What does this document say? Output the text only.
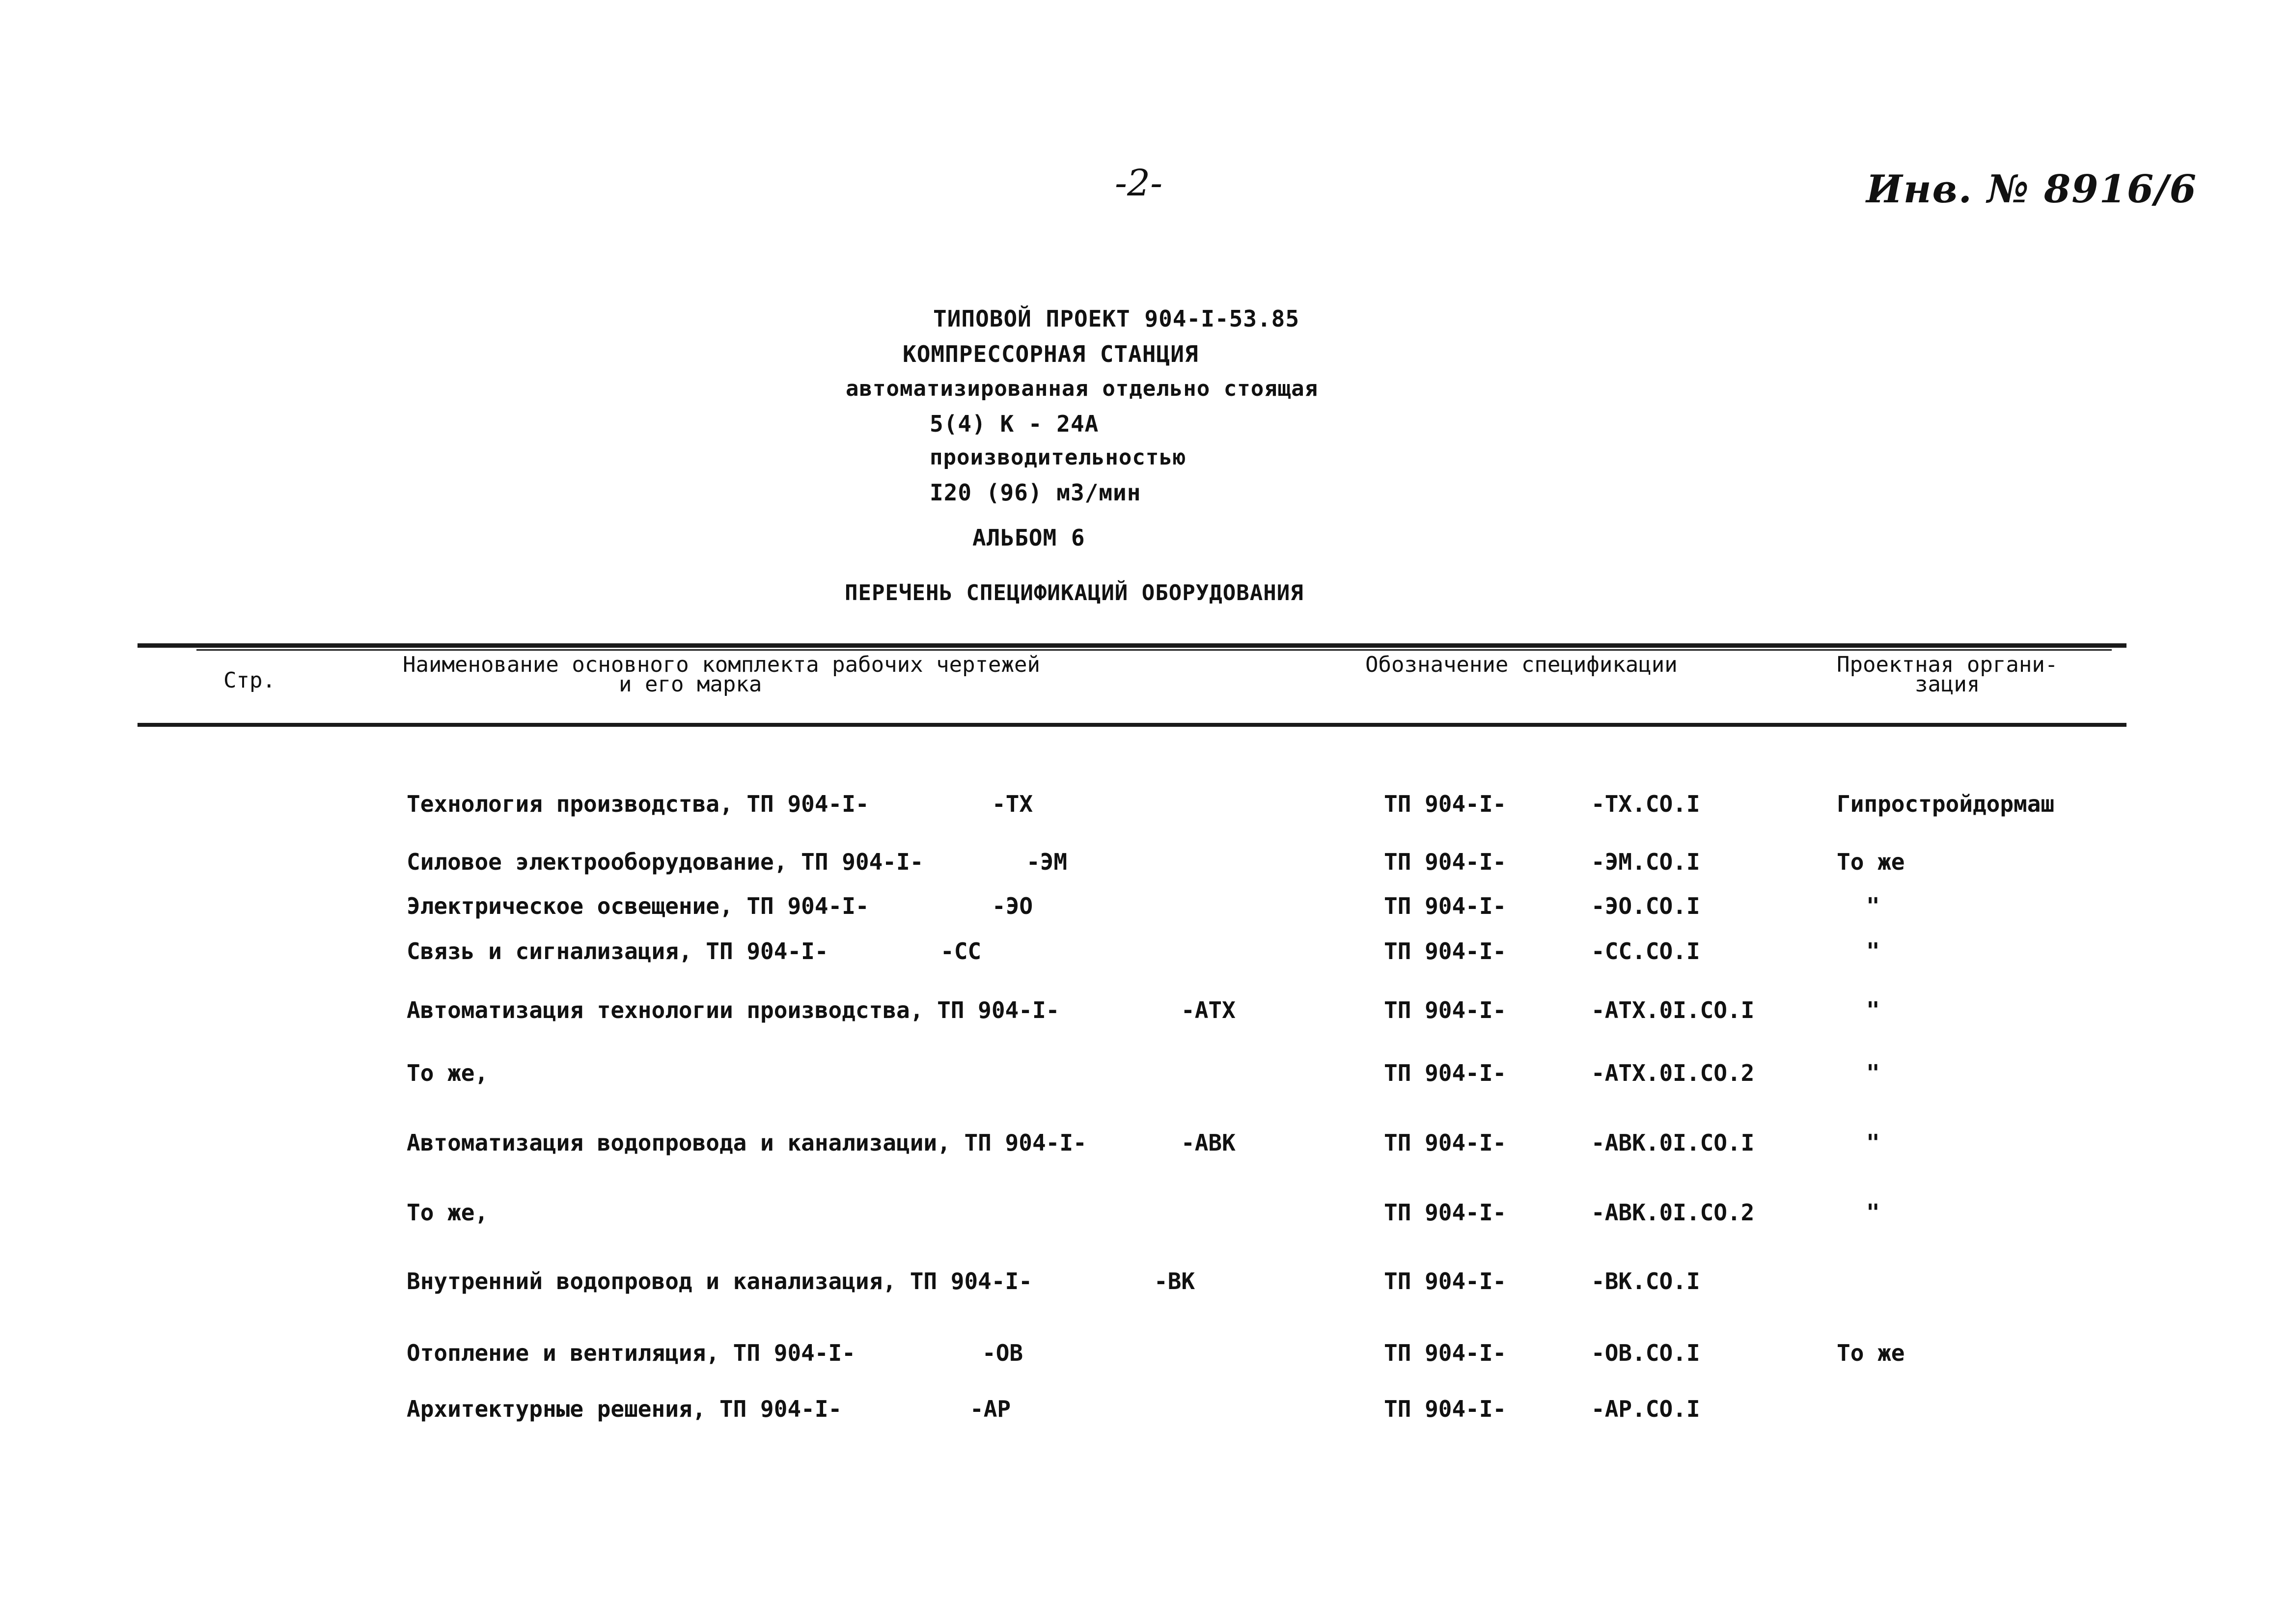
-2-	Инв. № 8916/6
ТИПОВОЙ ПРОЕКТ 904-I-53.85
КОМПРЕССОРНАЯ СТАНЦИЯ
автоматизированная отдельно стоящая
5(4) К - 24А
производительностью
I20 (96) м3/мин
АЛЬБОМ 6
ПЕРЕЧЕНЬ СПЕЦИФИКАЦИЙ ОБОРУДОВАНИЯ
Стр.
Наименование основного комплекта рабочих чертежей
и его марка
Обозначение спецификации	Проектная органи-
зация
Технология производства, ТП 904-I-	-ТХ	ТП 904-I-	-ТХ.СО.I	Гипростройдормаш
Силовое электрооборудование, ТП 904-I-	-ЭМ	ТП 904-I-	-ЭМ.СО.I	То же
Электрическое освещение, ТП 904-I-	-ЭО	ТП 904-I-	-ЭО.СО.I	"
Связь и сигнализация, ТП 904-I-	-СС	ТП 904-I-	-СС.СО.I	"
Автоматизация технологии производства, ТП 904-I-	-АТХ	ТП 904-I-	-АТХ.0I.СО.I	"
То же,	ТП 904-I-	-АТХ.0I.СО.2	"
Автоматизация водопровода и канализации, ТП 904-I-	-АВК	ТП 904-I-	-АВК.0I.СО.I	"
То же,	ТП 904-I-	-АВК.0I.СО.2	"
Внутренний водопровод и канализация, ТП 904-I-	-ВК	ТП 904-I-	-ВК.СО.I
Отопление и вентиляция, ТП 904-I-	-ОВ	ТП 904-I-	-ОВ.СО.I	То же
Архитектурные решения, ТП 904-I-	-АР	ТП 904-I-	-АР.СО.I
